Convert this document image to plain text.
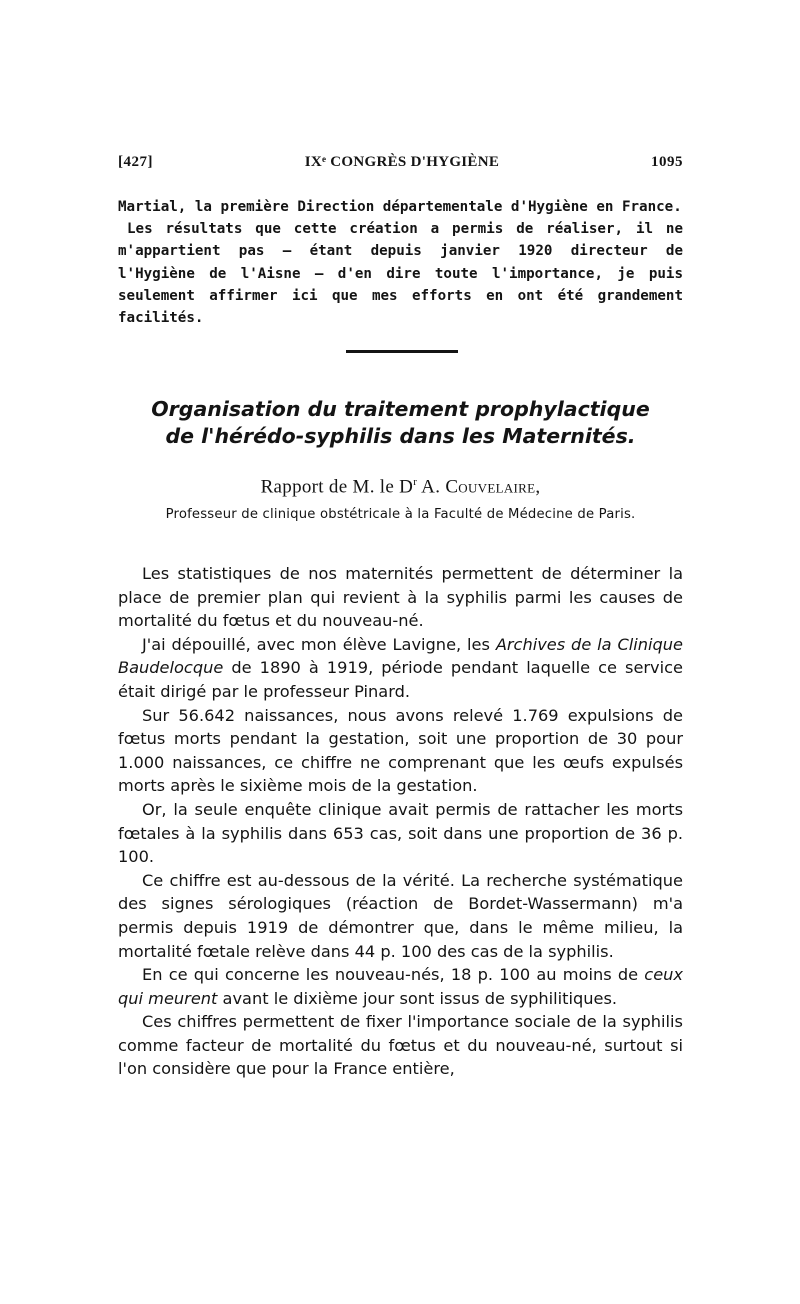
[427]	IXᵉ CONGRÈS D'HYGIÈNE	1095

Martial, la première Direction départementale d'Hygiène en France.

Les résultats que cette création a permis de réaliser, il ne m'appartient pas — étant depuis janvier 1920 directeur de l'Hygiène de l'Aisne — d'en dire toute l'importance, je puis seulement affirmer ici que mes efforts en ont été grandement facilités.

Organisation du traitement prophylactique
de l'hérédo-syphilis dans les Maternités.
Rapport de M. le $D^r$ A. Couvelaire,
Professeur de clinique obstétricale à la Faculté de Médecine de Paris.

Les statistiques de nos maternités permettent de déterminer la place de premier plan qui revient à la syphilis parmi les causes de mortalité du fœtus et du nouveau-né.

J'ai dépouillé, avec mon élève Lavigne, les Archives de la Clinique Baudelocque de 1890 à 1919, période pendant laquelle ce service était dirigé par le professeur Pinard.

Sur 56.642 naissances, nous avons relevé 1.769 expulsions de fœtus morts pendant la gestation, soit une proportion de 30 pour 1.000 naissances, ce chiffre ne comprenant que les œufs expulsés morts après le sixième mois de la gestation.

Or, la seule enquête clinique avait permis de rattacher les morts fœtales à la syphilis dans 653 cas, soit dans une proportion de 36 p. 100.

Ce chiffre est au-dessous de la vérité. La recherche systématique des signes sérologiques (réaction de Bordet-Wassermann) m'a permis depuis 1919 de démontrer que, dans le même milieu, la mortalité fœtale relève dans 44 p. 100 des cas de la syphilis.

En ce qui concerne les nouveau-nés, 18 p. 100 au moins de ceux qui meurent avant le dixième jour sont issus de syphilitiques.

Ces chiffres permettent de fixer l'importance sociale de la syphilis comme facteur de mortalité du fœtus et du nouveau-né, surtout si l'on considère que pour la France entière,
